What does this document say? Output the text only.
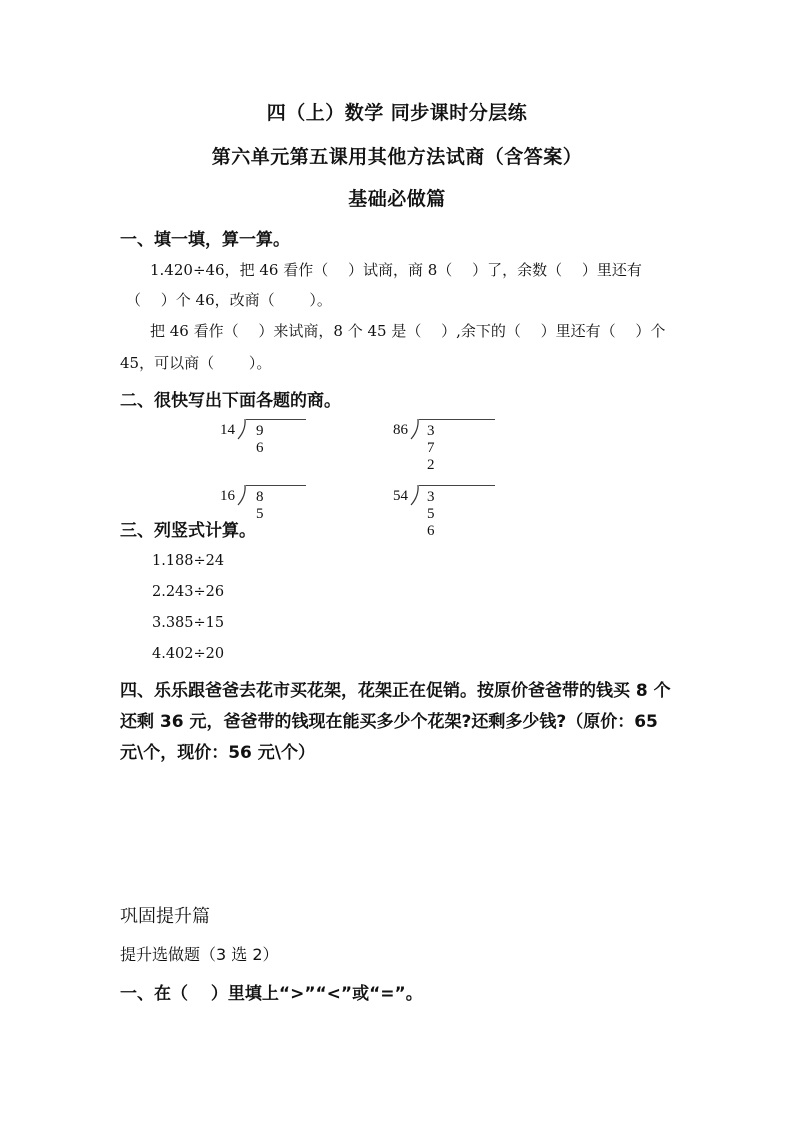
四（上）数学 同步课时分层练
第六单元第五课用其他方法试商（含答案）
基础必做篇
一、填一填，算一算。
1.420÷46，把 46 看作（　 ）试商，商 8（　 ）了，余数（　 ）里还有
（　 ）个 46，改商（　　 ）。
把 46 看作（　 ）来试商，8 个 45 是（　 ）,余下的（　 ）里还有（　 ）个
45，可以商（　　 ）。
二、很快写出下面各题的商。
14 96
86 372
16 85
54 356
三、列竖式计算。
1.188÷24
2.243÷26
3.385÷15
4.402÷20
四、乐乐跟爸爸去花市买花架，花架正在促销。按原价爸爸带的钱买 8 个还剩 36 元，爸爸带的钱现在能买多少个花架?还剩多少钱?（原价：65 元\个，现价：56 元\个）
巩固提升篇
提升选做题（3 选 2）
一、在（　 ）里填上“>”“<”或“=”。
